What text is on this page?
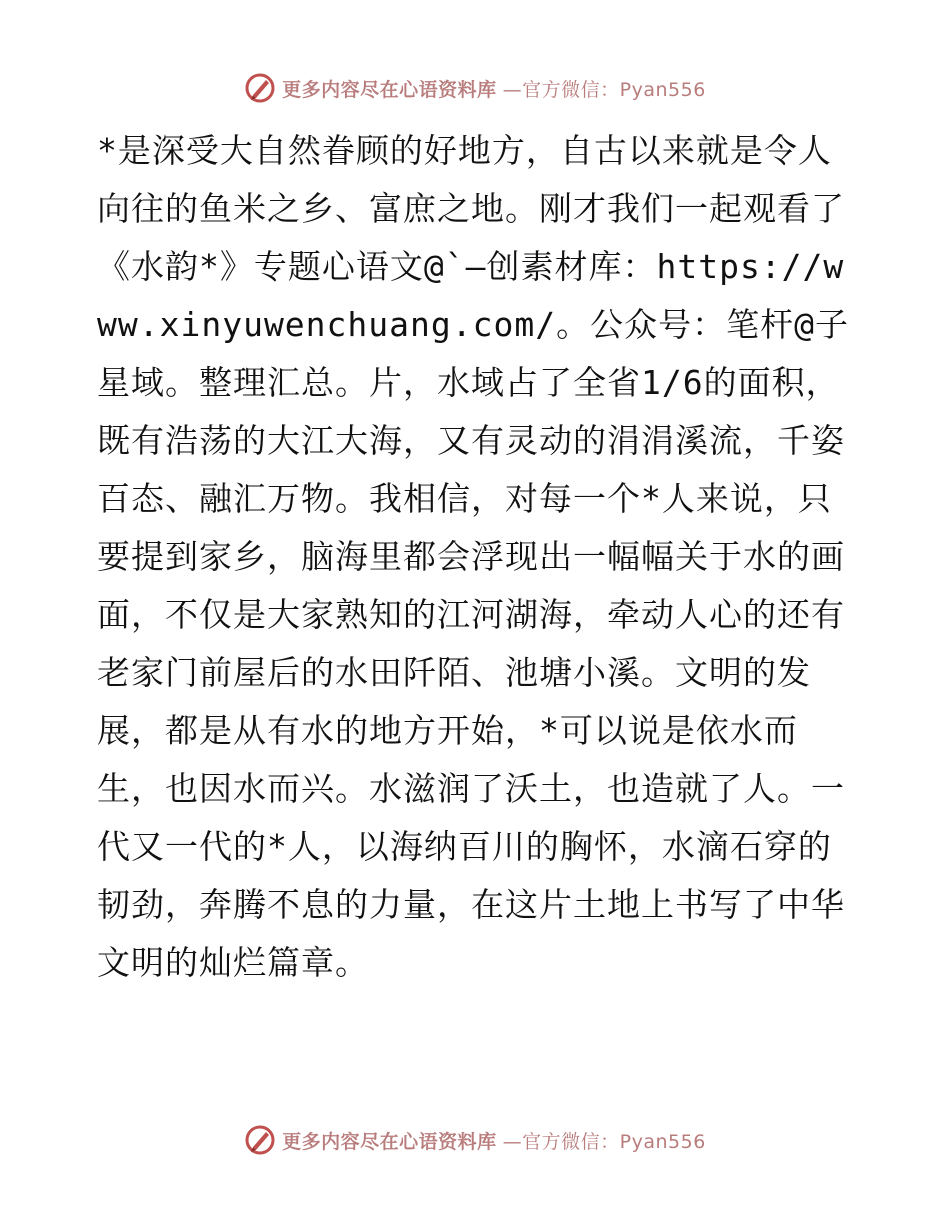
更多内容尽在心语资料库 —官方微信：Pyan556

*是深受大自然眷顾的好地方，自古以来就是令人向往的鱼米之乡、富庶之地。刚才我们一起观看了《水韵*》专题心语文@`—创素材库：https://www.xinyuwenchuang.com/。公众号：笔杆@子星域。整理汇总。片，水域占了全省1/6的面积，既有浩荡的大江大海，又有灵动的涓涓溪流，千姿百态、融汇万物。我相信，对每一个*人来说，只要提到家乡，脑海里都会浮现出一幅幅关于水的画面，不仅是大家熟知的江河湖海，牵动人心的还有老家门前屋后的水田阡陌、池塘小溪。文明的发展，都是从有水的地方开始，*可以说是依水而生，也因水而兴。水滋润了沃土，也造就了人。一代又一代的*人，以海纳百川的胸怀，水滴石穿的韧劲，奔腾不息的力量，在这片土地上书写了中华文明的灿烂篇章。

更多内容尽在心语资料库 —官方微信：Pyan556
